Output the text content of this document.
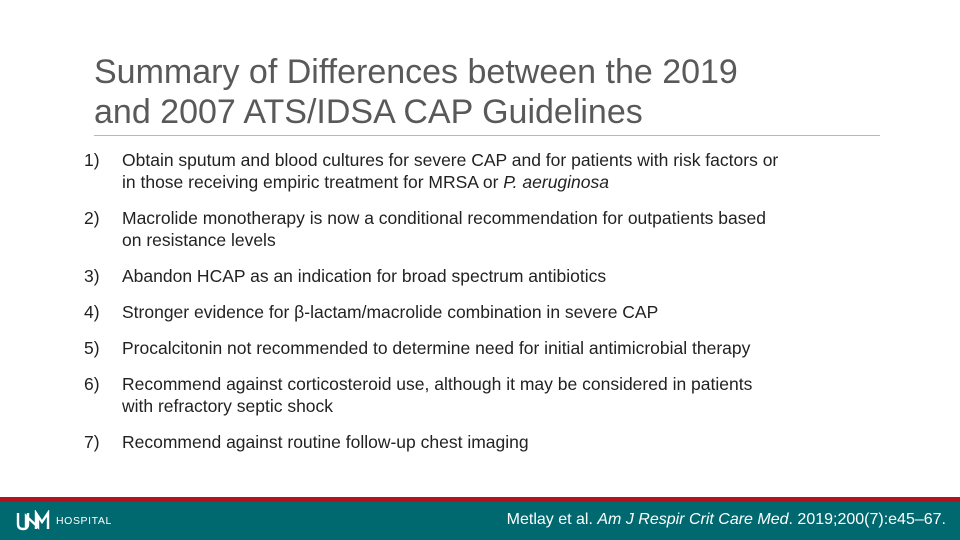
Summary of Differences between the 2019
and 2007 ATS/IDSA CAP Guidelines
1) Obtain sputum and blood cultures for severe CAP and for patients with risk factors or
in those receiving empiric treatment for MRSA or P. aeruginosa
2) Macrolide monotherapy is now a conditional recommendation for outpatients based
on resistance levels
3) Abandon HCAP as an indication for broad spectrum antibiotics
4) Stronger evidence for β-lactam/macrolide combination in severe CAP
5) Procalcitonin not recommended to determine need for initial antimicrobial therapy
6) Recommend against corticosteroid use, although it may be considered in patients
with refractory septic shock
7) Recommend against routine follow-up chest imaging
HOSPITAL	Metlay et al. Am J Respir Crit Care Med. 2019;200(7):e45–67.
